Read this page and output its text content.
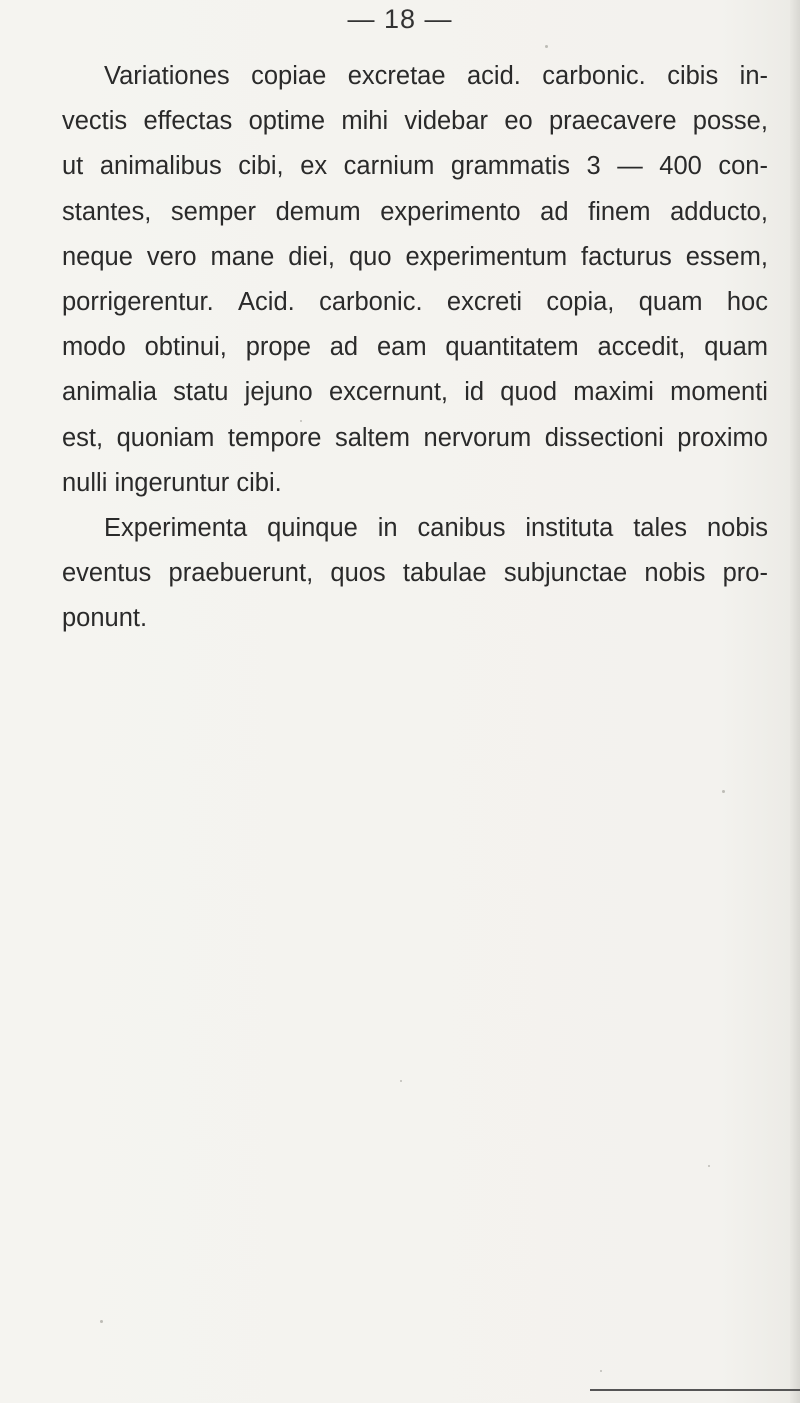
— 18 —
Variationes copiae excretae acid. carbonic. cibis in-
vectis effectas optime mihi videbar eo praecavere posse,
ut animalibus cibi, ex carnium grammatis 3 — 400 con-
stantes, semper demum experimento ad finem adducto,
neque vero mane diei, quo experimentum facturus essem,
porrigerentur. Acid. carbonic. excreti copia, quam hoc
modo obtinui, prope ad eam quantitatem accedit, quam
animalia statu jejuno excernunt, id quod maximi momenti
est, quoniam tempore saltem nervorum dissectioni proximo
nulli ingeruntur cibi.
Experimenta quinque in canibus instituta tales nobis
eventus praebuerunt, quos tabulae subjunctae nobis pro-
ponunt.
